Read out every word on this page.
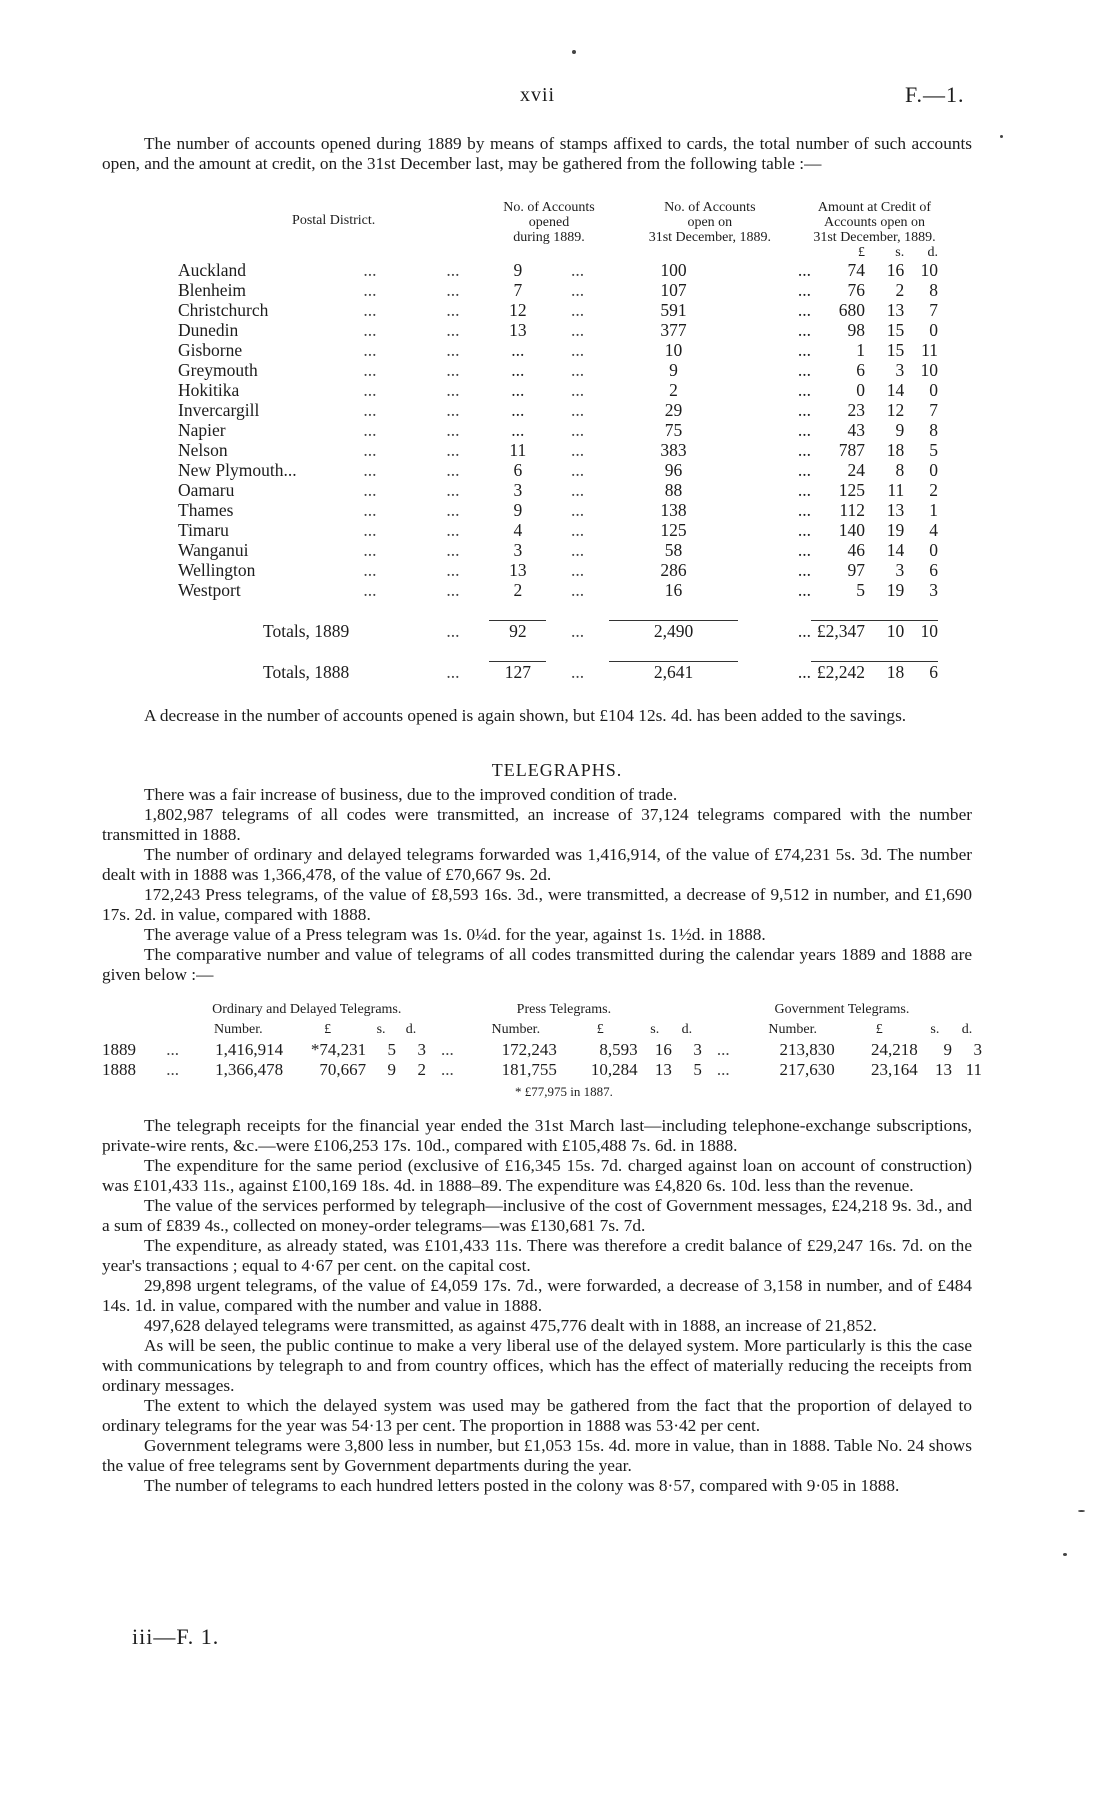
xvii	F.—1.

The number of accounts opened during 1889 by means of stamps affixed to cards, the total number of such accounts open, and the amount at credit, on the 31st December last, may be gathered from the following table :—

Postal District.			No. of Accounts
opened
during 1889.		No. of Accounts
open on
31st December, 1889.		Amount at Credit of
Accounts open on
31st December, 1889.		
							£	s.	d.
Auckland	...	...	9	...	100	...	74	16	10
Blenheim	...	...	7	...	107	...	76	2	8
Christchurch	...	...	12	...	591	...	680	13	7
Dunedin	...	...	13	...	377	...	98	15	0
Gisborne	...	...	...	...	10	...	1	15	11
Greymouth	...	...	...	...	9	...	6	3	10
Hokitika	...	...	...	...	2	...	0	14	0
Invercargill	...	...	...	...	29	...	23	12	7
Napier	...	...	...	...	75	...	43	9	8
Nelson	...	...	11	...	383	...	787	18	5
New Plymouth...	...	...	6	...	96	...	24	8	0
Oamaru	...	...	3	...	88	...	125	11	2
Thames	...	...	9	...	138	...	112	13	1
Timaru	...	...	4	...	125	...	140	19	4
Wanganui	...	...	3	...	58	...	46	14	0
Wellington	...	...	13	...	286	...	97	3	6
Westport	...	...	2	...	16	...	5	19	3

Totals, 1889		...	92	...	2,490	...	£2,347	10	10

Totals, 1888		...	127	...	2,641	...	£2,242	18	6

A decrease in the number of accounts opened is again shown, but £104 12s. 4d. has been added to the savings.

TELEGRAPHS.
There was a fair increase of business, due to the improved condition of trade.
1,802,987 telegrams of all codes were transmitted, an increase of 37,124 telegrams compared with the number transmitted in 1888.
The number of ordinary and delayed telegrams forwarded was 1,416,914, of the value of £74,231 5s. 3d. The number dealt with in 1888 was 1,366,478, of the value of £70,667 9s. 2d.
172,243 Press telegrams, of the value of £8,593 16s. 3d., were transmitted, a decrease of 9,512 in number, and £1,690 17s. 2d. in value, compared with 1888.
The average value of a Press telegram was 1s. 0¼d. for the year, against 1s. 1½d. in 1888.
The comparative number and value of telegrams of all codes transmitted during the calendar years 1889 and 1888 are given below :—
		Ordinary and Delayed Telegrams.				Press Telegrams.					Government Telegrams.				
		Number.	£	s.	d.		Number.	£	s.	d.		Number.	£	s.	d.
1889	...	1,416,914	*74,231	5	3	...	172,243	8,593	16	3	...	213,830	24,218	9	3
1888	...	1,366,478	70,667	9	2	...	181,755	10,284	13	5	...	217,630	23,164	13	11
* £77,975 in 1887.
The telegraph receipts for the financial year ended the 31st March last—including telephone-exchange subscriptions, private-wire rents, &c.—were £106,253 17s. 10d., compared with £105,488 7s. 6d. in 1888.
The expenditure for the same period (exclusive of £16,345 15s. 7d. charged against loan on account of construction) was £101,433 11s., against £100,169 18s. 4d. in 1888–89. The expenditure was £4,820 6s. 10d. less than the revenue.
The value of the services performed by telegraph—inclusive of the cost of Government messages, £24,218 9s. 3d., and a sum of £839 4s., collected on money-order telegrams—was £130,681 7s. 7d.
The expenditure, as already stated, was £101,433 11s. There was therefore a credit balance of £29,247 16s. 7d. on the year's transactions ; equal to 4·67 per cent. on the capital cost.
29,898 urgent telegrams, of the value of £4,059 17s. 7d., were forwarded, a decrease of 3,158 in number, and of £484 14s. 1d. in value, compared with the number and value in 1888.
497,628 delayed telegrams were transmitted, as against 475,776 dealt with in 1888, an increase of 21,852.
As will be seen, the public continue to make a very liberal use of the delayed system. More particularly is this the case with communications by telegraph to and from country offices, which has the effect of materially reducing the receipts from ordinary messages.
The extent to which the delayed system was used may be gathered from the fact that the proportion of delayed to ordinary telegrams for the year was 54·13 per cent. The proportion in 1888 was 53·42 per cent.
Government telegrams were 3,800 less in number, but £1,053 15s. 4d. more in value, than in 1888. Table No. 24 shows the value of free telegrams sent by Government departments during the year.
The number of telegrams to each hundred letters posted in the colony was 8·57, compared with 9·05 in 1888.
iii—F. 1.
